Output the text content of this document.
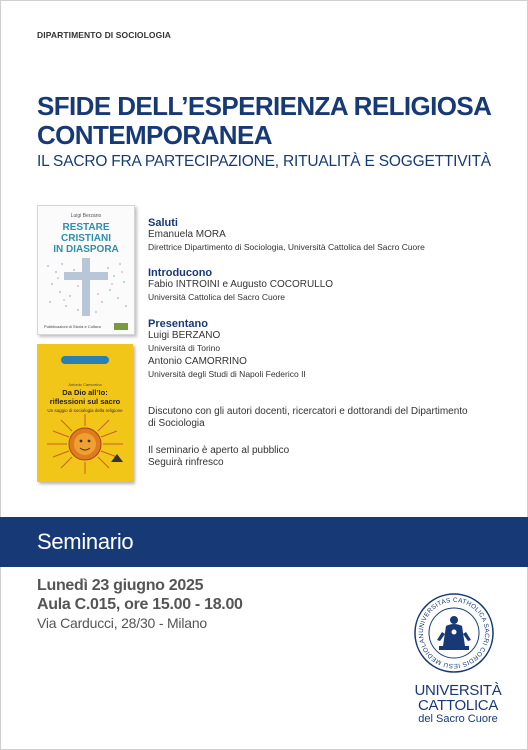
DIPARTIMENTO DI SOCIOLOGIA
SFIDE DELL’ESPERIENZA RELIGIOSA
CONTEMPORANEA
IL SACRO FRA PARTECIPAZIONE, RITUALITÀ E SOGGETTIVITÀ
Luigi Berzano
RESTARE
CRISTIANI
IN DIASPORA
Pubblicazioni di Storia e Cultura
Antonio Camorrino
Da Dio all’Io:
riflessioni sul sacro
Un saggio di sociologia della religione
Saluti
Emanuela MORA
Direttrice Dipartimento di Sociologia, Università Cattolica del Sacro Cuore
Introducono
Fabio INTROINI e Augusto COCORULLO
Università Cattolica del Sacro Cuore
Presentano
Luigi BERZANO
Università di Torino
Antonio CAMORRINO
Università degli Studi di Napoli Federico II
Discutono con gli autori docenti, ricercatori e dottorandi del Dipartimento
di Sociologia
Il seminario è aperto al pubblico
Seguirà rinfresco
Seminario
Lunedì 23 giugno 2025
Aula C.015, ore 15.00 - 18.00
Via Carducci, 28/30 - Milano	UNIVERSITAS CATHOLICA SACRI CORDIS IESU MEDIOLAN
UNIVERSITÀ
CATTOLICA
del Sacro Cuore
